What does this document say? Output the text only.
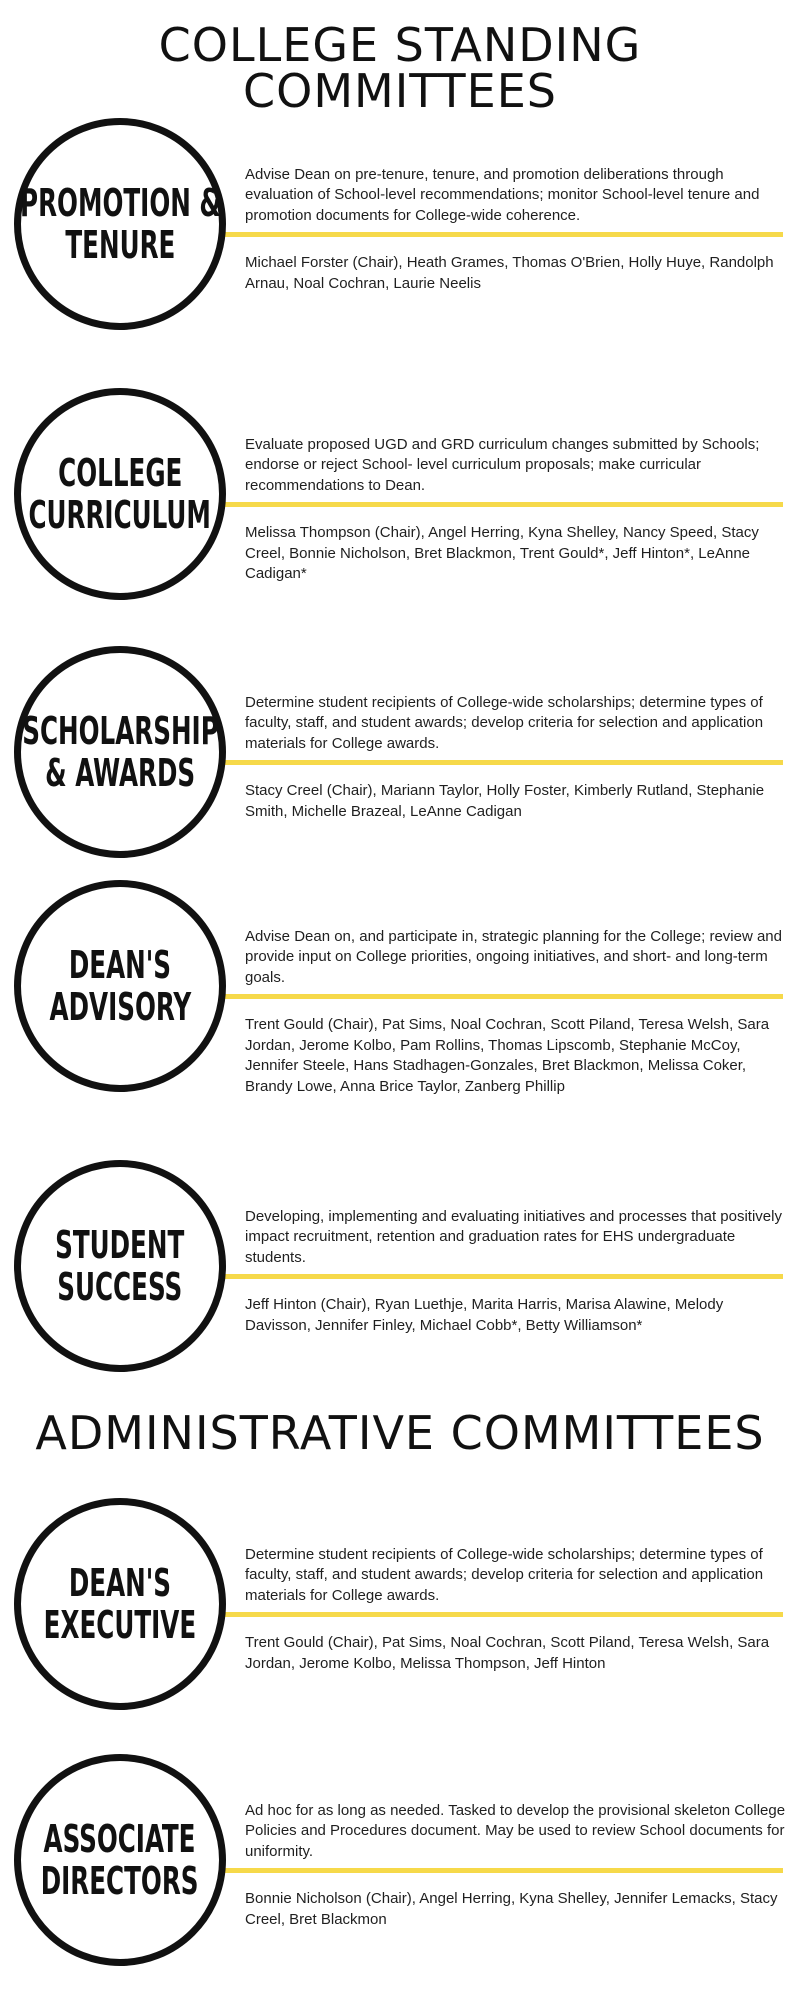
COLLEGE STANDING COMMITTEES
PROMOTION &
TENURE
Advise Dean on pre-tenure, tenure, and promotion deliberations through evaluation of School-level recommendations; monitor School-level tenure and promotion documents for College-wide coherence.
Michael Forster (Chair), Heath Grames, Thomas O'Brien, Holly Huye, Randolph Arnau, Noal Cochran, Laurie Neelis
COLLEGE
CURRICULUM
Evaluate proposed UGD and GRD curriculum changes submitted by Schools; endorse or reject School- level curriculum proposals; make curricular recommendations to Dean.
Melissa Thompson (Chair), Angel Herring, Kyna Shelley, Nancy Speed, Stacy Creel, Bonnie Nicholson, Bret Blackmon, Trent Gould*, Jeff Hinton*, LeAnne Cadigan*
SCHOLARSHIP
& AWARDS
Determine student recipients of College-wide scholarships; determine types of faculty, staff, and student awards; develop criteria for selection and application materials for College awards.
Stacy Creel (Chair), Mariann Taylor, Holly Foster, Kimberly Rutland, Stephanie Smith, Michelle Brazeal, LeAnne Cadigan
DEAN'S
ADVISORY
Advise Dean on, and participate in, strategic planning for the College; review and provide input on College priorities, ongoing initiatives, and short- and long-term goals.
Trent Gould (Chair), Pat Sims, Noal Cochran, Scott Piland, Teresa Welsh, Sara Jordan, Jerome Kolbo, Pam Rollins, Thomas Lipscomb, Stephanie McCoy, Jennifer Steele, Hans Stadhagen-Gonzales, Bret Blackmon, Melissa Coker, Brandy Lowe, Anna Brice Taylor, Zanberg Phillip
STUDENT
SUCCESS
Developing, implementing and evaluating initiatives and processes that positively impact recruitment, retention and graduation rates for EHS undergraduate students.
Jeff Hinton (Chair), Ryan Luethje, Marita Harris, Marisa Alawine, Melody Davisson, Jennifer Finley, Michael Cobb*, Betty Williamson*
ADMINISTRATIVE COMMITTEES
DEAN'S
EXECUTIVE
Determine student recipients of College-wide scholarships; determine types of faculty, staff, and student awards; develop criteria for selection and application materials for College awards.
Trent Gould (Chair), Pat Sims, Noal Cochran, Scott Piland, Teresa Welsh, Sara Jordan, Jerome Kolbo, Melissa Thompson, Jeff Hinton
ASSOCIATE
DIRECTORS
Ad hoc for as long as needed. Tasked to develop the provisional skeleton College Policies and Procedures document. May be used to review School documents for uniformity.
Bonnie Nicholson (Chair), Angel Herring, Kyna Shelley, Jennifer Lemacks, Stacy Creel, Bret Blackmon
